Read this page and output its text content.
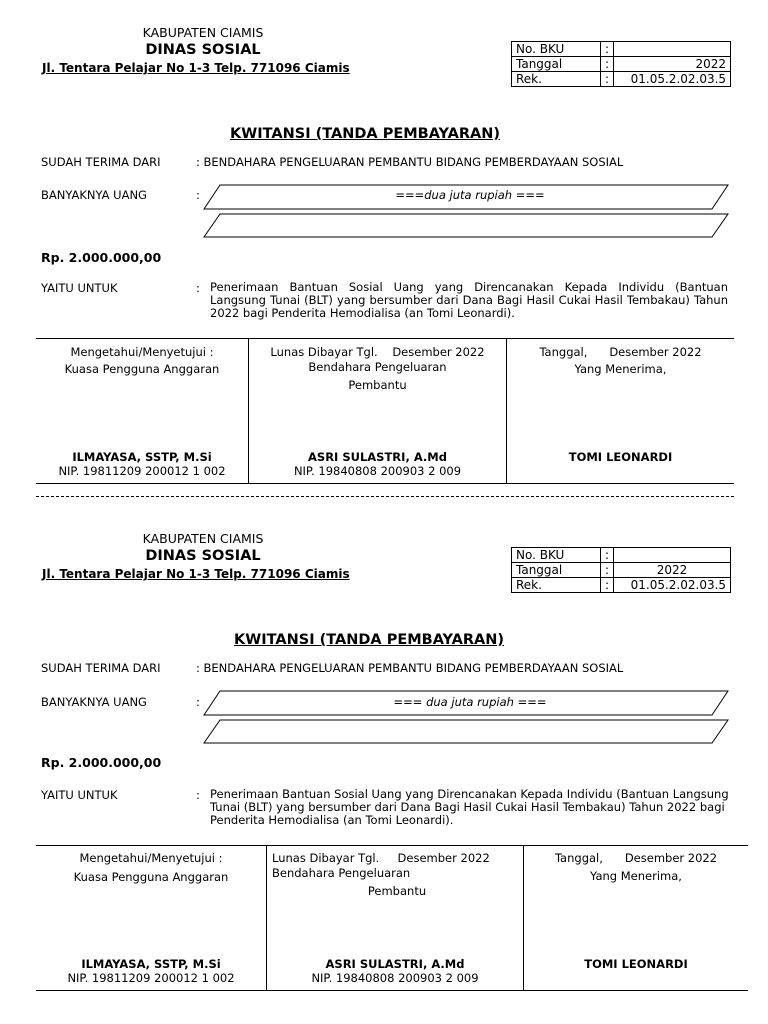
KABUPATEN CIAMIS
DINAS SOSIAL
Jl. Tentara Pelajar No 1-3 Telp. 771096 Ciamis
No. BKU	:	
Tanggal	:	2022
Rek.	:	01.05.2.02.03.5
KWITANSI (TANDA PEMBAYARAN)
SUDAH TERIMA DARI	: BENDAHARA PENGELUARAN PEMBANTU BIDANG PEMBERDAYAAN SOSIAL
BANYAKNYA UANG	:	===dua juta rupiah ===
Rp. 2.000.000,00
YAITU UNTUK	: Penerimaan Bantuan Sosial Uang yang Direncanakan Kepada Individu (Bantuan Langsung Tunai (BLT) yang bersumber dari Dana Bagi Hasil Cukai Hasil Tembakau) Tahun 2022 bagi Penderita Hemodialisa (an Tomi Leonardi).
Mengetahui/Menyetujui :
Kuasa Pengguna Anggaran
ILMAYASA, SSTP, M.Si
NIP. 19811209 200012 1 002
Lunas Dibayar Tgl.    Desember 2022
Bendahara Pengeluaran
Pembantu
ASRI SULASTRI, A.Md
NIP. 19840808 200903 2 009
Tanggal,      Desember 2022
Yang Menerima,
TOMI LEONARDI
KABUPATEN CIAMIS
DINAS SOSIAL
Jl. Tentara Pelajar No 1-3 Telp. 771096 Ciamis
No. BKU	:	
Tanggal	:	2022
Rek.	:	01.05.2.02.03.5
KWITANSI (TANDA PEMBAYARAN)
SUDAH TERIMA DARI	: BENDAHARA PENGELUARAN PEMBANTU BIDANG PEMBERDAYAAN SOSIAL
BANYAKNYA UANG	:	=== dua juta rupiah ===
Rp. 2.000.000,00
YAITU UNTUK	: Penerimaan Bantuan Sosial Uang yang Direncanakan Kepada Individu (Bantuan Langsung Tunai (BLT) yang bersumber dari Dana Bagi Hasil Cukai Hasil Tembakau) Tahun 2022 bagi Penderita Hemodialisa (an Tomi Leonardi).
Mengetahui/Menyetujui :
Kuasa Pengguna Anggaran
ILMAYASA, SSTP, M.Si
NIP. 19811209 200012 1 002
Lunas Dibayar Tgl.     Desember 2022
Bendahara Pengeluaran
Pembantu
ASRI SULASTRI, A.Md
NIP. 19840808 200903 2 009
Tanggal,      Desember 2022
Yang Menerima,
TOMI LEONARDI
